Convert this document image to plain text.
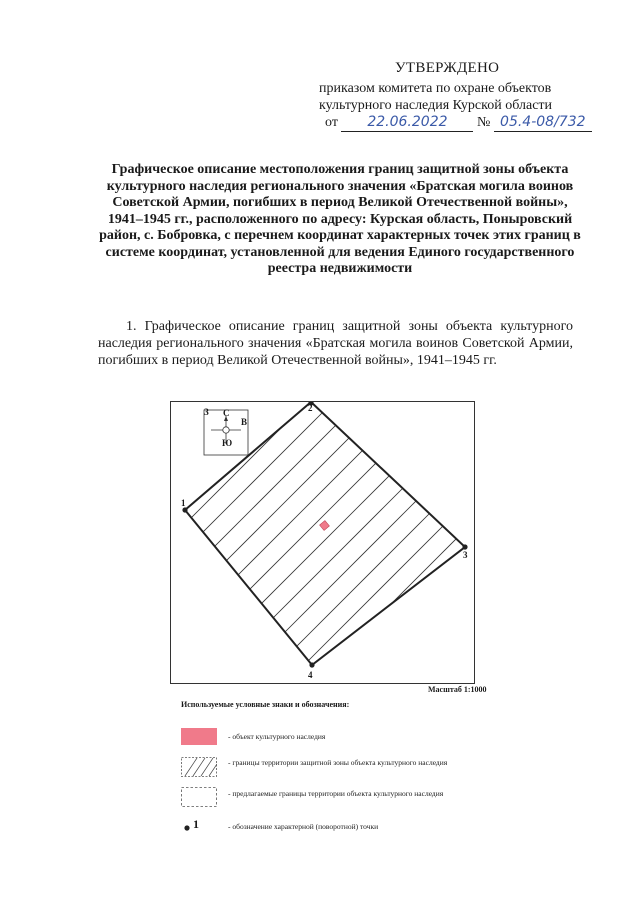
УТВЕРЖДЕНО
приказом комитета по охране объектов
культурного наследия Курской области
от 22.06.2022 № 05.4-08/732
Графическое описание местоположения границ защитной зоны объекта культурного наследия регионального значения «Братская могила воинов Советской Армии, погибших в период Великой Отечественной войны», 1941–1945 гг., расположенного по адресу: Курская область, Поныровский район, с. Бобровка, с перечнем координат характерных точек этих границ в системе координат, установленной для ведения Единого государственного реестра недвижимости
1. Графическое описание границ защитной зоны объекта культурного наследия регионального значения «Братская могила воинов Советской Армии, погибших в период Великой Отечественной войны», 1941–1945 гг.
С
Ю
В
З
1
2
3
4
Масштаб 1:1000
Используемые условные знаки и обозначения:
- объект культурного наследия
- границы территории защитной зоны объекта культурного наследия
- предлагаемые границы территории объекта культурного наследия
1	- обозначение характерной (поворотной) точки
